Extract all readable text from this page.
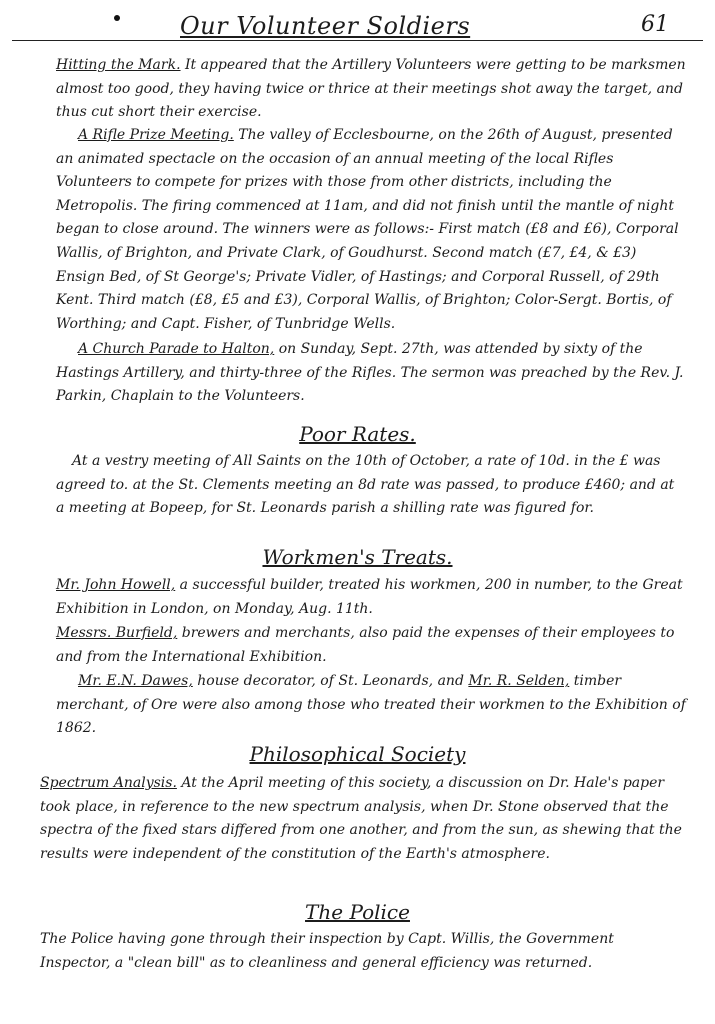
Our Volunteer Soldiers	61

Hitting the Mark. It appeared that the Artillery Volunteers were getting to be marksmen almost too good, they having twice or thrice at their meetings shot away the target, and thus cut short their exercise.

A Rifle Prize Meeting. The valley of Ecclesbourne, on the 26th of August, presented an animated spectacle on the occasion of an annual meeting of the local Rifles Volunteers to compete for prizes with those from other districts, including the Metropolis. The firing commenced at 11am, and did not finish until the mantle of night began to close around. The winners were as follows:- First match (£8 and £6), Corporal Wallis, of Brighton, and Private Clark, of Goudhurst. Second match (£7, £4, & £3) Ensign Bed, of St George's; Private Vidler, of Hastings; and Corporal Russell, of 29th Kent. Third match (£8, £5 and £3), Corporal Wallis, of Brighton; Color-Sergt. Bortis, of Worthing; and Capt. Fisher, of Tunbridge Wells.

A Church Parade to Halton, on Sunday, Sept. 27th, was attended by sixty of the Hastings Artillery, and thirty-three of the Rifles. The sermon was preached by the Rev. J. Parkin, Chaplain to the Volunteers.

Poor Rates.

At a vestry meeting of All Saints on the 10th of October, a rate of 10d. in the £ was agreed to. at the St. Clements meeting an 8d rate was passed, to produce £460; and at a meeting at Bopeep, for St. Leonards parish a shilling rate was figured for.

Workmen's Treats.

Mr. John Howell, a successful builder, treated his workmen, 200 in number, to the Great Exhibition in London, on Monday, Aug. 11th.

Messrs. Burfield, brewers and merchants, also paid the expenses of their employees to and from the International Exhibition.

Mr. E.N. Dawes, house decorator, of St. Leonards, and Mr. R. Selden, timber merchant, of Ore were also among those who treated their workmen to the Exhibition of 1862.

Philosophical Society

Spectrum Analysis. At the April meeting of this society, a discussion on Dr. Hale's paper took place, in reference to the new spectrum analysis, when Dr. Stone observed that the spectra of the fixed stars differed from one another, and from the sun, as shewing that the results were independent of the constitution of the Earth's atmosphere.

The Police

The Police having gone through their inspection by Capt. Willis, the Government Inspector, a "clean bill" as to cleanliness and general efficiency was returned.
